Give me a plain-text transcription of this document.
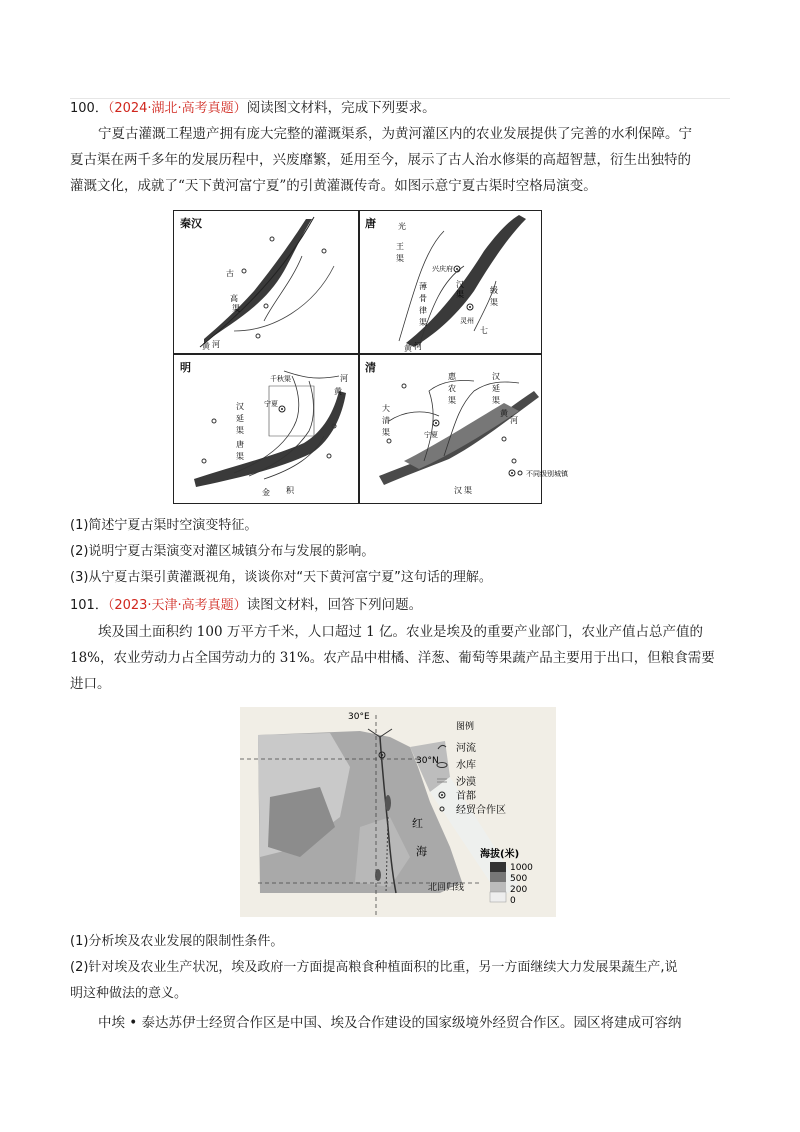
100．（2024·湖北·高考真题）阅读图文材料，完成下列要求。
宁夏古灌溉工程遗产拥有庞大完整的灌溉渠系，为黄河灌区内的农业发展提供了完善的水利保障。宁
夏古渠在两千多年的发展历程中，兴废靡繁，延用至今，展示了古人治水修渠的高超智慧，衍生出独特的
灌溉文化，成就了“天下黄河富宁夏”的引黄灌溉传奇。如图示意宁夏古渠时空格局演变。
古
高
渠
黄 河
光
王
渠
兴庆府
汉
渠
薄
骨
律
渠	灵州
七
级
渠
黄 河
千秋渠	河
黄
宁夏
汉
延
渠
唐
渠
金 积
惠
农
渠
汉
延
渠
宁夏
大
清
渠
黄
汉 渠
河
不同级别城镇
秦汉	唐
明	清
(1)简述宁夏古渠时空演变特征。
(2)说明宁夏古渠演变对灌区城镇分布与发展的影响。
(3)从宁夏古渠引黄灌溉视角，谈谈你对“天下黄河富宁夏”这句话的理解。
101．（2023·天津·高考真题）读图文材料，回答下列问题。
埃及国土面积约 100 万平方千米，人口超过 1 亿。农业是埃及的重要产业部门，农业产值占总产值的
18%，农业劳动力占全国劳动力的 31%。农产品中柑橘、洋葱、葡萄等果蔬产品主要用于出口，但粮食需要
进口。
30°E
30°N
红
海
北回归线
图例
河流
水库
沙漠
首都
经贸合作区
海拔(米)
1000
500
200
0
(1)分析埃及农业发展的限制性条件。
(2)针对埃及农业生产状况，埃及政府一方面提高粮食种植面积的比重，另一方面继续大力发展果蔬生产,说
明这种做法的意义。
中埃 • 泰达苏伊士经贸合作区是中国、埃及合作建设的国家级境外经贸合作区。园区将建成可容纳
